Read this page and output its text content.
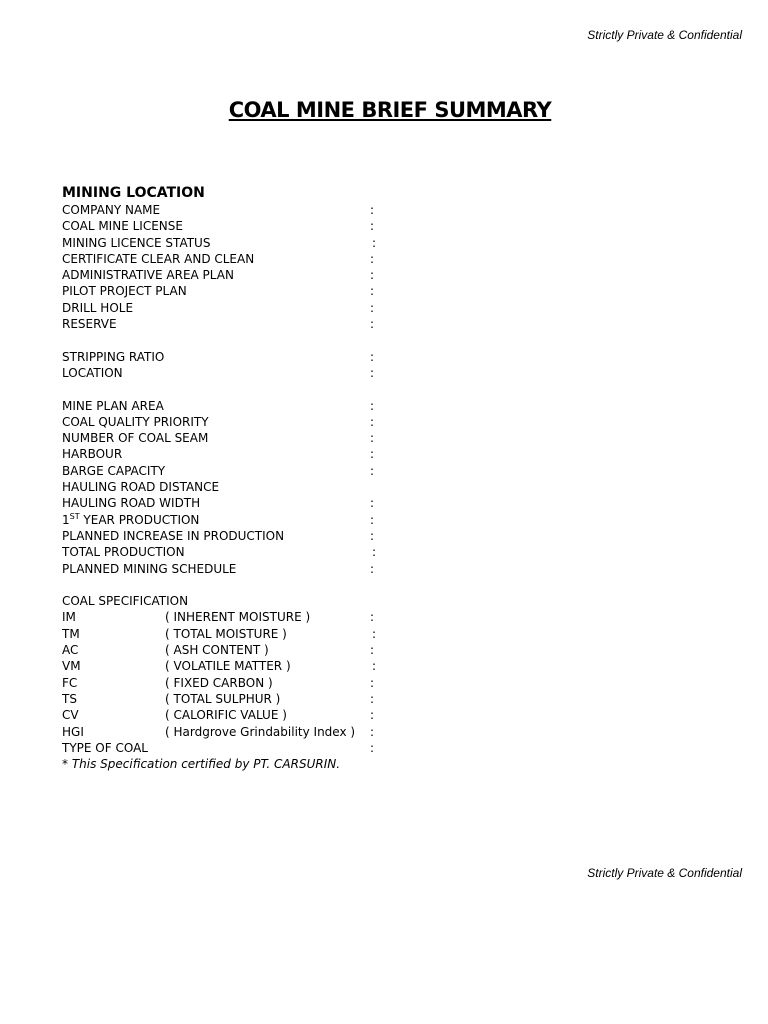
Strictly Private & Confidential
COAL MINE BRIEF SUMMARY
MINING LOCATION
COMPANY NAME	:
COAL MINE LICENSE	:
MINING LICENCE STATUS	:
CERTIFICATE CLEAR AND CLEAN	:
ADMINISTRATIVE AREA PLAN	:
PILOT PROJECT PLAN	:
DRILL HOLE	:
RESERVE	:
STRIPPING RATIO	:
LOCATION	:
MINE PLAN AREA	:
COAL QUALITY PRIORITY	:
NUMBER OF COAL SEAM	:
HARBOUR	:
BARGE CAPACITY	:
HAULING ROAD DISTANCE
HAULING ROAD WIDTH	:
1ST YEAR PRODUCTION	:
PLANNED INCREASE IN PRODUCTION	:
TOTAL PRODUCTION	:
PLANNED MINING SCHEDULE	:
COAL SPECIFICATION
IM	( INHERENT MOISTURE )	:
TM	( TOTAL MOISTURE )	:
AC	( ASH CONTENT )	:
VM	( VOLATILE MATTER )	:
FC	( FIXED CARBON )	:
TS	( TOTAL SULPHUR )	:
CV	( CALORIFIC VALUE )	:
HGI	( Hardgrove Grindability Index ) :
TYPE OF COAL	:
* This Specification certified by PT. CARSURIN.
Strictly Private & Confidential
